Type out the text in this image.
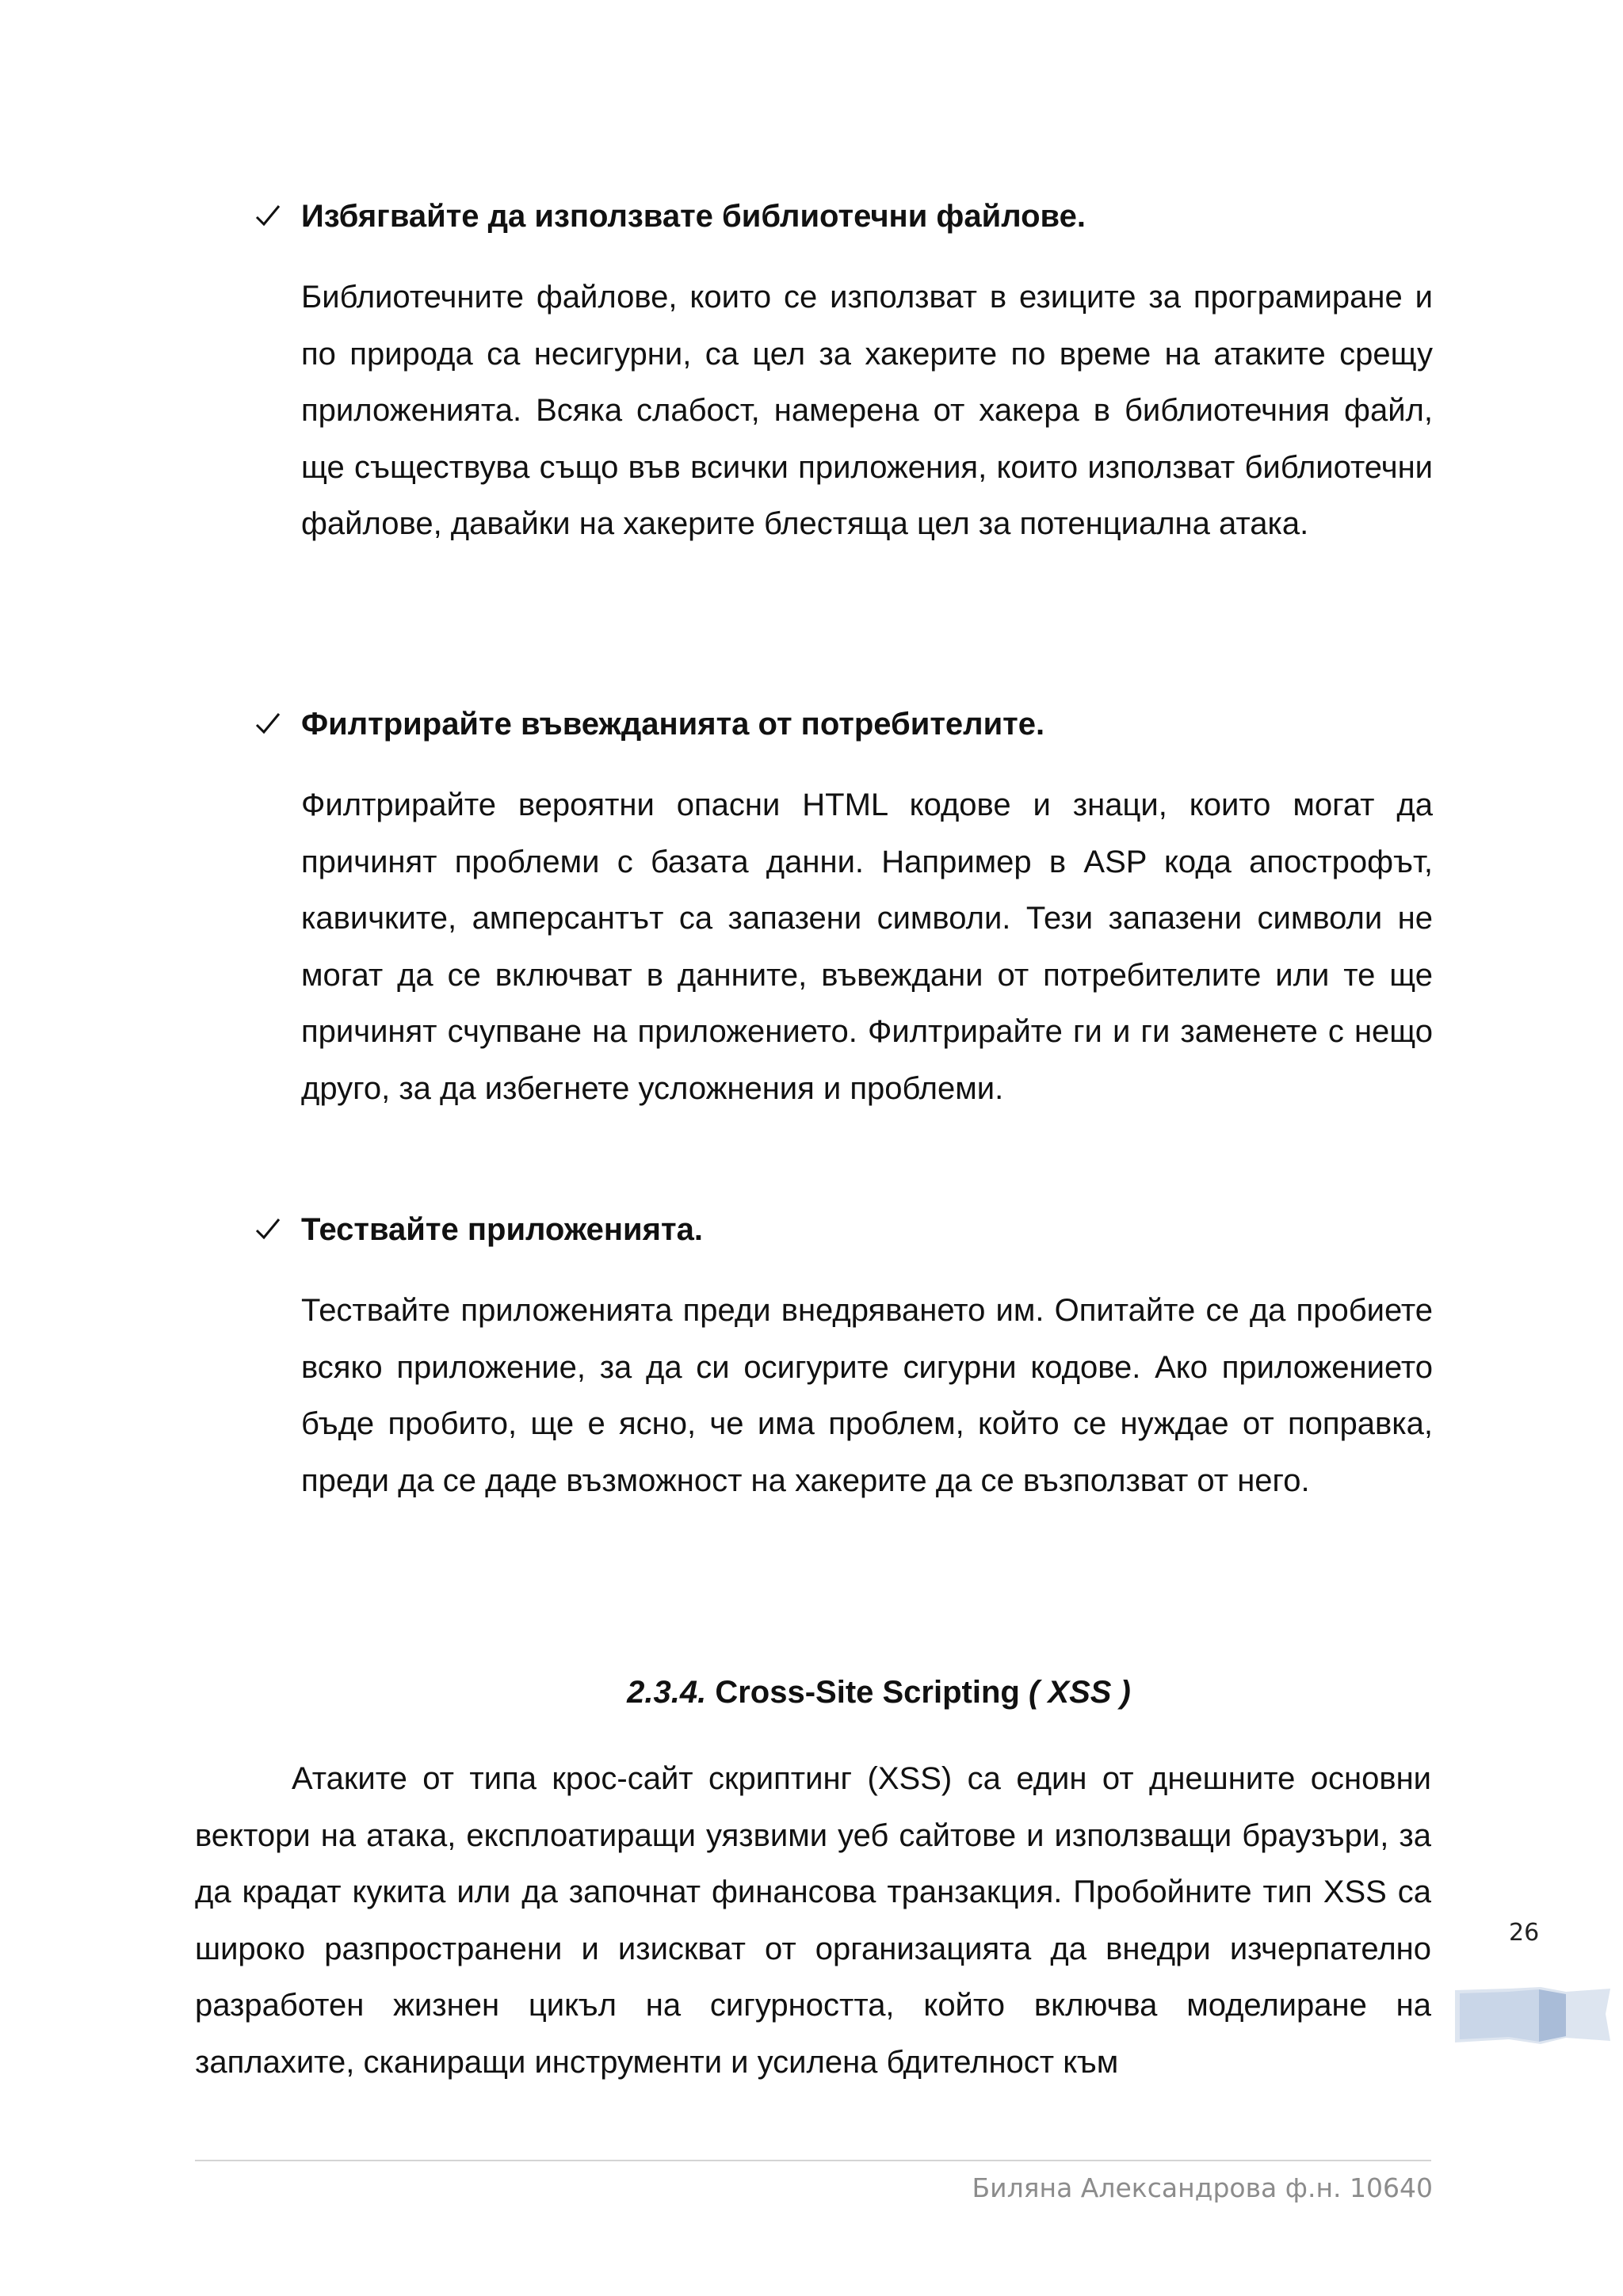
Избягвайте да използвате библиотечни файлове.
Библиотечните файлове, които се използват в езиците за програмиране и по природа са несигурни, са цел за хакерите по време на атаките срещу приложенията. Всяка слабост, намерена от хакера в библиотечния файл, ще съществува също във всички приложения, които използват библиотечни файлове, давайки на хакерите блестяща цел за потенциална атака.
Филтрирайте въвежданията от потребителите.
Филтрирайте вероятни опасни HTML кодове и знаци, които могат да причинят проблеми с базата данни. Например в ASP кода апострофът, кавичките, амперсантът са запазени символи. Тези запазени символи не могат да се включват в данните, въвеждани от потребителите или те ще причинят счупване на приложението. Филтрирайте ги и ги заменете с нещо друго, за да избегнете усложнения и проблеми.
Тествайте приложенията.
Тествайте приложенията преди внедряването им. Опитайте се да пробиете всяко приложение, за да си осигурите сигурни кодове. Ако приложението бъде пробито, ще е ясно, че има проблем, който се нуждае от поправка, преди да се даде възможност на хакерите да се възползват от него.
2.3.4. Cross-Site Scripting ( XSS )
Атаките от типа крос-сайт скриптинг (XSS) са един от днешните основни вектори на атака, експлоатиращи уязвими уеб сайтове и използващи браузъри, за да крадат кукита или да започнат финансова транзакция. Пробойните тип XSS са широко разпространени и изискват от организацията да внедри изчерпателно разработен жизнен цикъл на сигурността, който включва моделиране на заплахите, сканиращи инструменти и усилена бдителност към
26
Биляна Александрова ф.н. 10640
